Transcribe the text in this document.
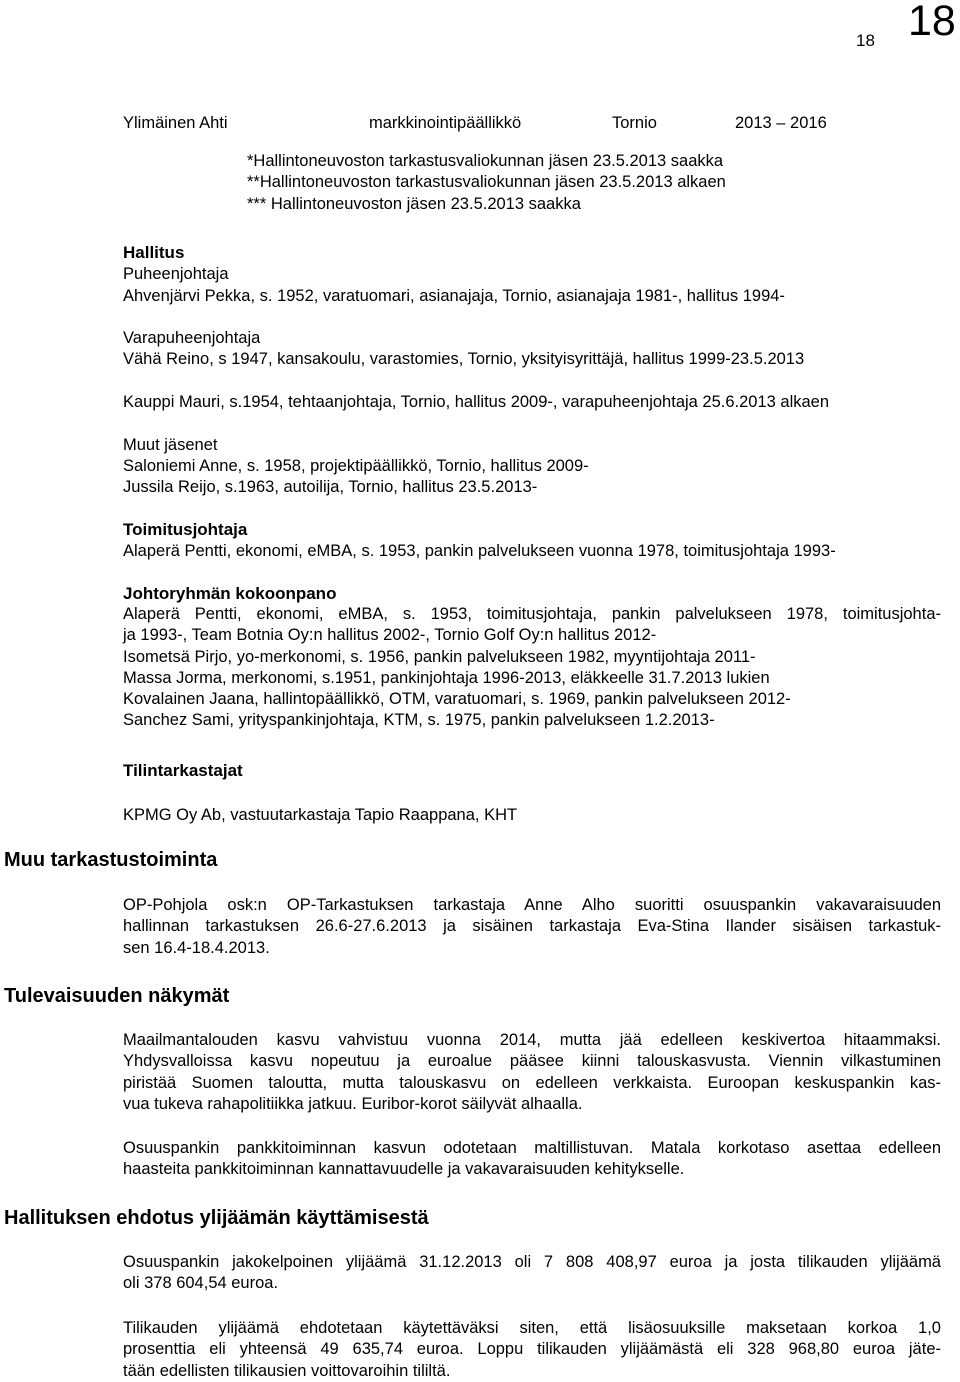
18 18
Ylimäinen Ahti	markkinointipäällikkö	Tornio	2013 – 2016
*Hallintoneuvoston tarkastusvaliokunnan jäsen 23.5.2013 saakka
**Hallintoneuvoston tarkastusvaliokunnan jäsen 23.5.2013 alkaen
*** Hallintoneuvoston jäsen 23.5.2013 saakka
Hallitus
Puheenjohtaja
Ahvenjärvi Pekka, s. 1952, varatuomari, asianajaja, Tornio, asianajaja 1981-, hallitus 1994-
Varapuheenjohtaja
Vähä Reino, s 1947, kansakoulu, varastomies, Tornio, yksityisyrittäjä, hallitus 1999-23.5.2013
Kauppi Mauri, s.1954, tehtaanjohtaja, Tornio, hallitus 2009-, varapuheenjohtaja 25.6.2013 alkaen
Muut jäsenet
Saloniemi Anne, s. 1958, projektipäällikkö, Tornio, hallitus 2009-
Jussila Reijo, s.1963, autoilija, Tornio, hallitus 23.5.2013-
Toimitusjohtaja
Alaperä Pentti, ekonomi, eMBA, s. 1953, pankin palvelukseen vuonna 1978, toimitusjohtaja 1993-
Johtoryhmän kokoonpano
Alaperä Pentti, ekonomi, eMBA, s. 1953, toimitusjohtaja, pankin palvelukseen 1978, toimitusjohta-
ja 1993-, Team Botnia Oy:n hallitus 2002-, Tornio Golf Oy:n hallitus 2012-
Isometsä Pirjo, yo-merkonomi, s. 1956, pankin palvelukseen 1982, myyntijohtaja 2011-
Massa Jorma, merkonomi, s.1951, pankinjohtaja 1996-2013, eläkkeelle 31.7.2013 lukien
Kovalainen Jaana, hallintopäällikkö, OTM, varatuomari, s. 1969, pankin palvelukseen 2012-
Sanchez Sami, yrityspankinjohtaja, KTM, s. 1975, pankin palvelukseen 1.2.2013-
Tilintarkastajat
KPMG Oy Ab, vastuutarkastaja Tapio Raappana, KHT
Muu tarkastustoiminta
OP-Pohjola osk:n OP-Tarkastuksen tarkastaja Anne Alho suoritti osuuspankin vakavaraisuuden
hallinnan tarkastuksen 26.6-27.6.2013 ja sisäinen tarkastaja Eva-Stina Ilander sisäisen tarkastuk-
sen 16.4-18.4.2013.
Tulevaisuuden näkymät
Maailmantalouden kasvu vahvistuu vuonna 2014, mutta jää edelleen keskivertoa hitaammaksi.
Yhdysvalloissa kasvu nopeutuu ja euroalue pääsee kiinni talouskasvusta. Viennin vilkastuminen
piristää Suomen taloutta, mutta talouskasvu on edelleen verkkaista. Euroopan keskuspankin kas-
vua tukeva rahapolitiikka jatkuu. Euribor-korot säilyvät alhaalla.
Osuuspankin pankkitoiminnan kasvun odotetaan maltillistuvan. Matala korkotaso asettaa edelleen
haasteita pankkitoiminnan kannattavuudelle ja vakavaraisuuden kehitykselle.
Hallituksen ehdotus ylijäämän käyttämisestä
Osuuspankin jakokelpoinen ylijäämä 31.12.2013 oli 7 808 408,97 euroa ja josta tilikauden ylijäämä
oli 378 604,54 euroa.
Tilikauden ylijäämä ehdotetaan käytettäväksi siten, että lisäosuuksille maksetaan korkoa 1,0
prosenttia eli yhteensä 49 635,74 euroa. Loppu tilikauden ylijäämästä eli 328 968,80 euroa jäte-
tään edellisten tilikausien voittovaroihin tililtä.
